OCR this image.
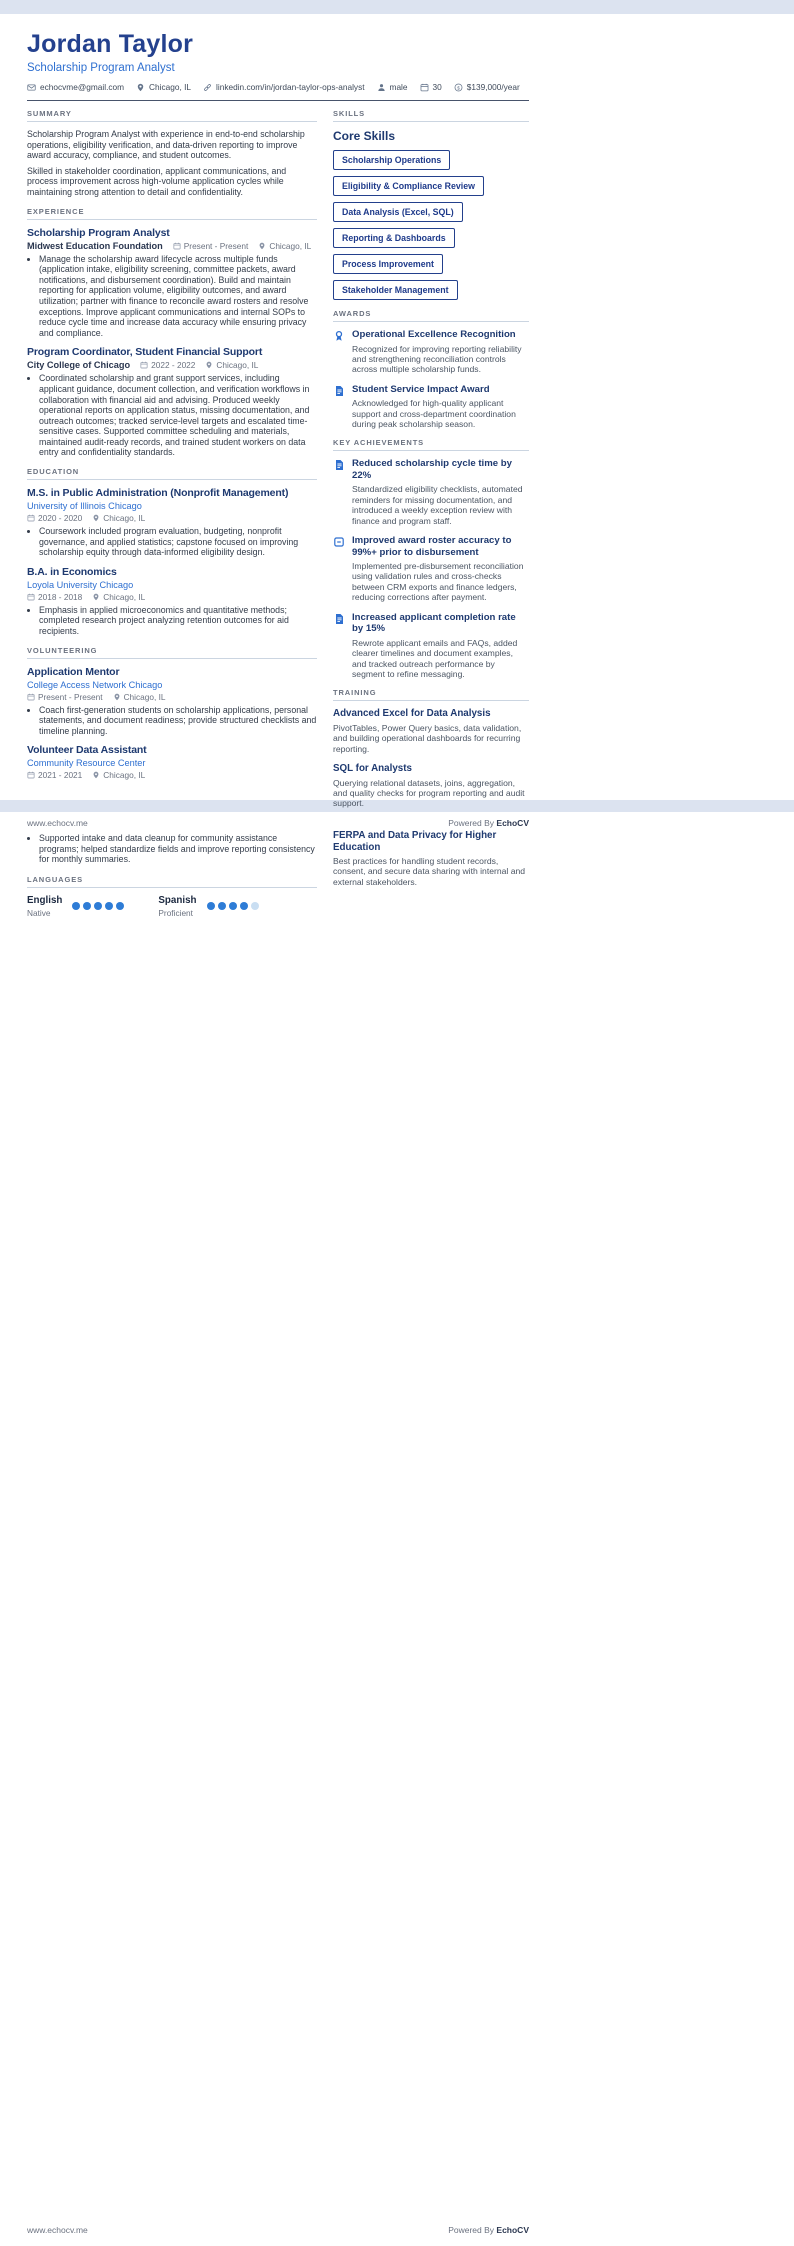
Jordan Taylor
Scholarship Program Analyst
echocvme@gmail.com	Chicago, IL	linkedin.com/in/jordan-taylor-ops-analyst	male	30	$139,000/year
SUMMARY

Scholarship Program Analyst with experience in end-to-end scholarship operations, eligibility verification, and data-driven reporting to improve award accuracy, compliance, and student outcomes.

Skilled in stakeholder coordination, applicant communications, and process improvement across high-volume application cycles while maintaining strong attention to detail and confidentiality.

EXPERIENCE
Scholarship Program Analyst
Midwest Education Foundation	Present - Present	Chicago, IL
• Manage the scholarship award lifecycle across multiple funds (application intake, eligibility screening, committee packets, award notifications, and disbursement coordination). Build and maintain reporting for application volume, eligibility outcomes, and award utilization; partner with finance to reconcile award rosters and resolve exceptions. Improve applicant communications and internal SOPs to reduce cycle time and increase data accuracy while ensuring privacy and compliance.
Program Coordinator, Student Financial Support
City College of Chicago	2022 - 2022	Chicago, IL
• Coordinated scholarship and grant support services, including applicant guidance, document collection, and verification workflows in collaboration with financial aid and advising. Produced weekly operational reports on application status, missing documentation, and outreach outcomes; tracked service-level targets and escalated time-sensitive cases. Supported committee scheduling and materials, maintained audit-ready records, and trained student workers on data entry and confidentiality standards.
EDUCATION
M.S. in Public Administration (Nonprofit Management)
University of Illinois Chicago
2020 - 2020	Chicago, IL
• Coursework included program evaluation, budgeting, nonprofit governance, and applied statistics; capstone focused on improving scholarship equity through data-informed eligibility design.
B.A. in Economics
Loyola University Chicago
2018 - 2018	Chicago, IL
• Emphasis in applied microeconomics and quantitative methods; completed research project analyzing retention outcomes for aid recipients.
VOLUNTEERING
Application Mentor
College Access Network Chicago
Present - Present	Chicago, IL
• Coach first-generation students on scholarship applications, personal statements, and document readiness; provide structured checklists and timeline planning.
Volunteer Data Assistant
Community Resource Center
2021 - 2021	Chicago, IL
SKILLS
Core Skills
Scholarship Operations
Eligibility & Compliance Review
Data Analysis (Excel, SQL)
Reporting & Dashboards
Process Improvement
Stakeholder Management
AWARDS
Operational Excellence Recognition
Recognized for improving reporting reliability and strengthening reconciliation controls across multiple scholarship funds.
Student Service Impact Award
Acknowledged for high-quality applicant support and cross-department coordination during peak scholarship season.
KEY ACHIEVEMENTS
Reduced scholarship cycle time by 22%
Standardized eligibility checklists, automated reminders for missing documentation, and introduced a weekly exception review with finance and program staff.
Improved award roster accuracy to 99%+ prior to disbursement
Implemented pre-disbursement reconciliation using validation rules and cross-checks between CRM exports and finance ledgers, reducing corrections after payment.
Increased applicant completion rate by 15%
Rewrote applicant emails and FAQs, added clearer timelines and document examples, and tracked outreach performance by segment to refine messaging.
TRAINING
Advanced Excel for Data Analysis
PivotTables, Power Query basics, data validation, and building operational dashboards for recurring reporting.
SQL for Analysts
Querying relational datasets, joins, aggregation, and quality checks for program reporting and audit support.
www.echocv.me	Powered By EchoCV
• Supported intake and data cleanup for community assistance programs; helped standardize fields and improve reporting consistency for monthly summaries.
LANGUAGES
English
Native
Spanish
Proficient
FERPA and Data Privacy for Higher Education
Best practices for handling student records, consent, and secure data sharing with internal and external stakeholders.
www.echocv.me	Powered By EchoCV
